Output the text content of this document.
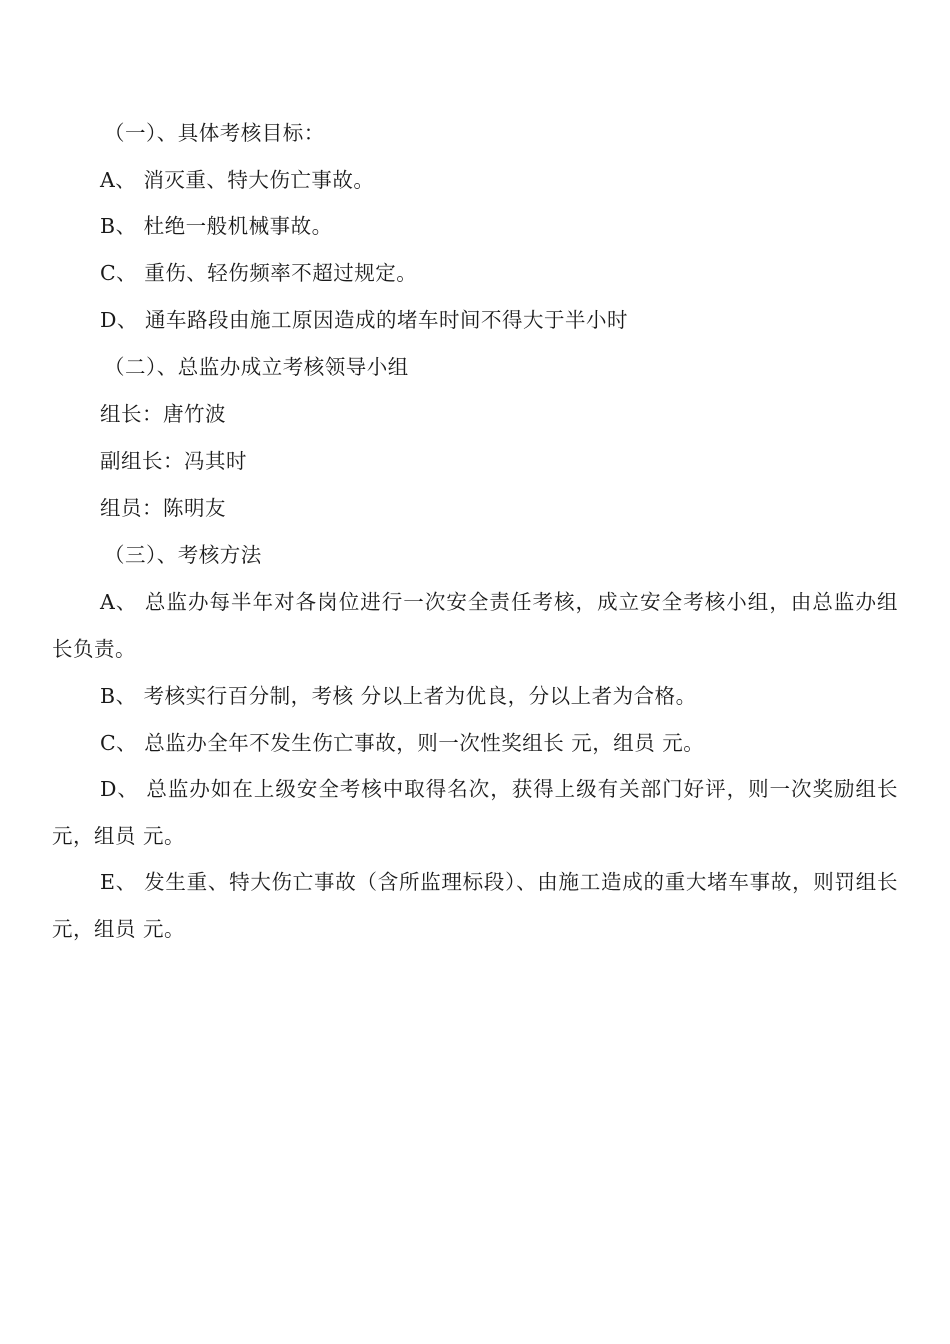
（一）、具体考核目标：
A、 消灭重、特大伤亡事故。
B、 杜绝一般机械事故。
C、 重伤、轻伤频率不超过规定。
D、 通车路段由施工原因造成的堵车时间不得大于半小时
（二）、总监办成立考核领导小组
组长：唐竹波
副组长：冯其时
组员：陈明友
（三）、考核方法
A、 总监办每半年对各岗位进行一次安全责任考核，成立安全考核小组，由总监办组长负责。
B、 考核实行百分制，考核 分以上者为优良，分以上者为合格。
C、 总监办全年不发生伤亡事故，则一次性奖组长 元，组员 元。
D、 总监办如在上级安全考核中取得名次，获得上级有关部门好评，则一次奖励组长 元，组员 元。
E、 发生重、特大伤亡事故（含所监理标段）、由施工造成的重大堵车事故，则罚组长 元，组员 元。
